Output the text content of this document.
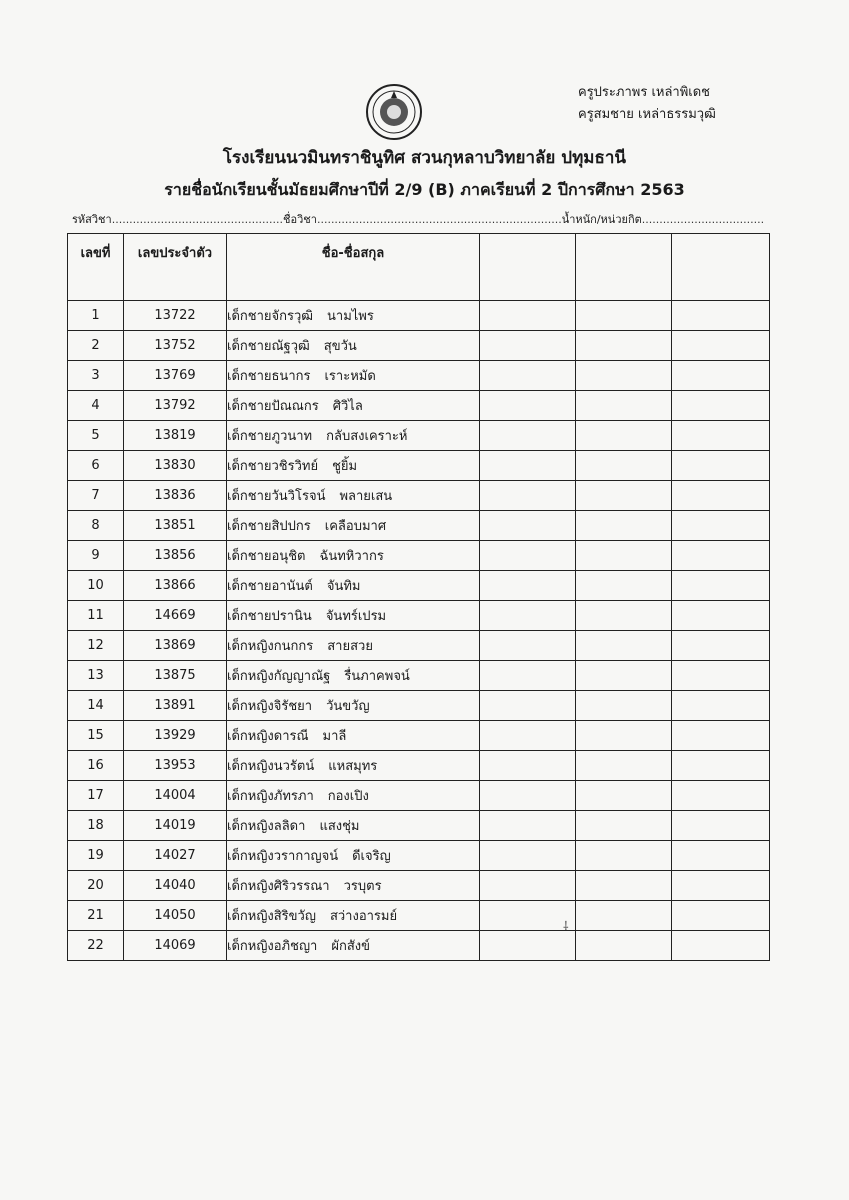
ครูประภาพร เหล่าพิเดช
ครูสมชาย เหล่าธรรมวุฒิ
โรงเรียนนวมินทราชินูทิศ สวนกุหลาบวิทยาลัย ปทุมธานี
รายชื่อนักเรียนชั้นมัธยมศึกษาปีที่ 2/9 (B) ภาคเรียนที่ 2 ปีการศึกษา 2563
รหัสวิชา.................................................ชื่อวิชา......................................................................น้ำหนัก/หน่วยกิต...................................
เลขที่	เลขประจำตัว	ชื่อ-ชื่อสกุล			
1	13722	เด็กชายจักรวุฒิ นามไพร			
2	13752	เด็กชายณัฐวุฒิ สุขวัน			
3	13769	เด็กชายธนากร เราะหมัด			
4	13792	เด็กชายปัณณกร ศิวิไล			
5	13819	เด็กชายภูวนาท กลับสงเคราะห์			
6	13830	เด็กชายวชิรวิทย์ ชูยิ้ม			
7	13836	เด็กชายวันวิโรจน์ พลายเสน			
8	13851	เด็กชายสิปปกร เคลือบมาศ			
9	13856	เด็กชายอนุชิต ฉันทหิวากร			
10	13866	เด็กชายอานันต์ จันทิม			
11	14669	เด็กชายปรานิน จันทร์เปรม			
12	13869	เด็กหญิงกนกกร สายสวย			
13	13875	เด็กหญิงกัญญาณัฐ รื่นภาคพจน์			
14	13891	เด็กหญิงจิรัชยา วันขวัญ			
15	13929	เด็กหญิงดารณี มาลี			
16	13953	เด็กหญิงนวรัตน์ แหสมุทร			
17	14004	เด็กหญิงภัทรภา กองเปิง			
18	14019	เด็กหญิงลลิดา แสงชุ่ม			
19	14027	เด็กหญิงวรากาญจน์ ดีเจริญ			
20	14040	เด็กหญิงศิริวรรณา วรบุตร			
21	14050	เด็กหญิงสิริขวัญ สว่างอารมย์			
22	14069	เด็กหญิงอภิชญา ผักสังข์			
⸸
